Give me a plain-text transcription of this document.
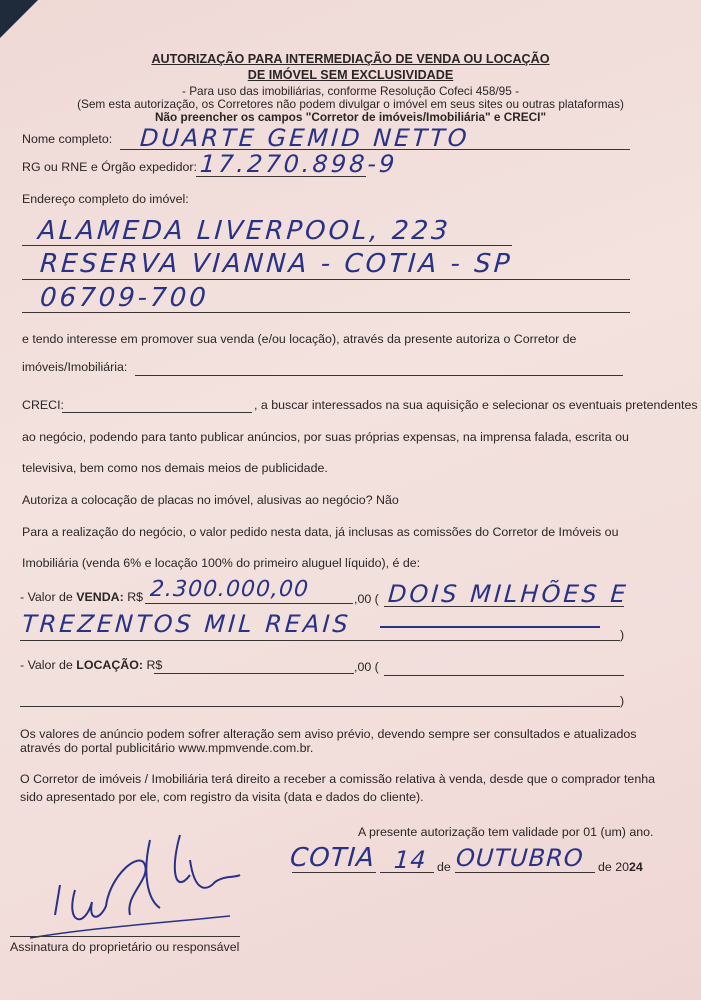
AUTORIZAÇÃO PARA INTERMEDIAÇÃO DE VENDA OU LOCAÇÃO
DE IMÓVEL SEM EXCLUSIVIDADE
- Para uso das imobiliárias, conforme Resolução Cofeci 458/95 -
(Sem esta autorização, os Corretores não podem divulgar o imóvel em seus sites ou outras plataformas)
Não preencher os campos "Corretor de imóveis/Imobiliária" e CRECI"
Nome completo: DUARTE GEMID NETTO
RG ou RNE e Órgão expedidor: 17.270.898-9
Endereço completo do imóvel:
ALAMEDA LIVERPOOL, 223
RESERVA VIANNA - COTIA - SP
06709-700
e tendo interesse em promover sua venda (e/ou locação), através da presente autoriza o Corretor de
imóveis/Imobiliária:
CRECI:	, a buscar interessados na sua aquisição e selecionar os eventuais pretendentes
ao negócio, podendo para tanto publicar anúncios, por suas próprias expensas, na imprensa falada, escrita ou
televisiva, bem como nos demais meios de publicidade.
Autoriza a colocação de placas no imóvel, alusivas ao negócio? Não
Para a realização do negócio, o valor pedido nesta data, já inclusas as comissões do Corretor de Imóveis ou
Imobiliária (venda 6% e locação 100% do primeiro aluguel líquido), é de:
- Valor de VENDA: R$ 2.300.000,00	,00 ( DOIS MILHÕES E
TREZENTOS MIL REAIS	)
- Valor de LOCAÇÃO: R$	,00 (
)
Os valores de anúncio podem sofrer alteração sem aviso prévio, devendo sempre ser consultados e atualizados
através do portal publicitário www.mpmvende.com.br.
O Corretor de imóveis / Imobiliária terá direito a receber a comissão relativa à venda, desde que o comprador tenha
sido apresentado por ele, com registro da visita (data e dados do cliente).
A presente autorização tem validade por 01 (um) ano.
COTIA 14 de OUTUBRO de 2024
Assinatura do proprietário ou responsável
